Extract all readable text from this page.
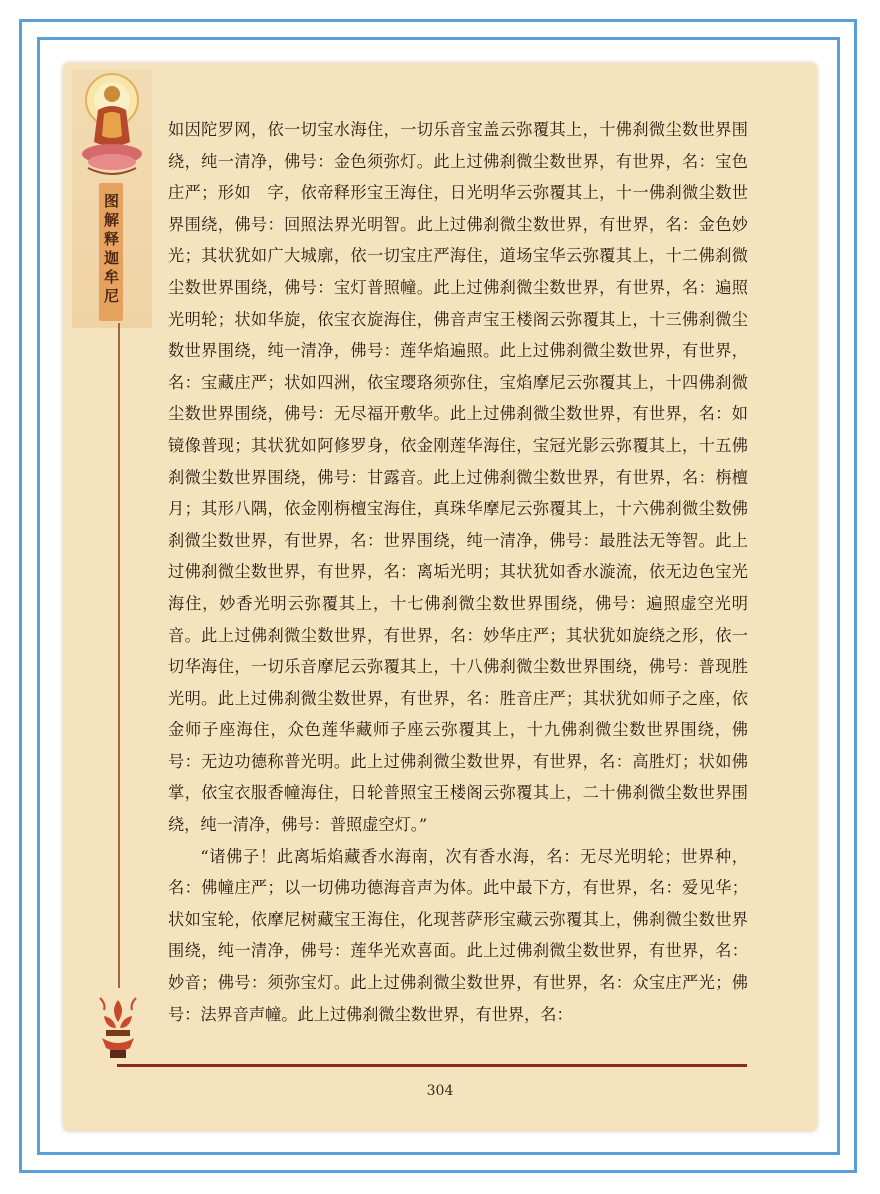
图解释迦牟尼

如因陀罗网，依一切宝水海住，一切乐音宝盖云弥覆其上，十佛刹微尘数世界围绕，纯一清净，佛号：金色须弥灯。此上过佛刹微尘数世界，有世界，名：宝色庄严；形如　字，依帝释形宝王海住，日光明华云弥覆其上，十一佛刹微尘数世界围绕，佛号：回照法界光明智。此上过佛刹微尘数世界，有世界，名：金色妙光；其状犹如广大城廓，依一切宝庄严海住，道场宝华云弥覆其上，十二佛刹微尘数世界围绕，佛号：宝灯普照幢。此上过佛刹微尘数世界，有世界，名：遍照光明轮；状如华旋，依宝衣旋海住，佛音声宝王楼阁云弥覆其上，十三佛刹微尘数世界围绕，纯一清净，佛号：莲华焰遍照。此上过佛刹微尘数世界，有世界，名：宝藏庄严；状如四洲，依宝璎珞须弥住，宝焰摩尼云弥覆其上，十四佛刹微尘数世界围绕，佛号：无尽福开敷华。此上过佛刹微尘数世界，有世界，名：如镜像普现；其状犹如阿修罗身，依金刚莲华海住，宝冠光影云弥覆其上，十五佛刹微尘数世界围绕，佛号：甘露音。此上过佛刹微尘数世界，有世界，名：栴檀月；其形八隅，依金刚栴檀宝海住，真珠华摩尼云弥覆其上，十六佛刹微尘数佛刹微尘数世界，有世界，名：世界围绕，纯一清净，佛号：最胜法无等智。此上过佛刹微尘数世界，有世界，名：离垢光明；其状犹如香水漩流，依无边色宝光海住，妙香光明云弥覆其上，十七佛刹微尘数世界围绕，佛号：遍照虚空光明音。此上过佛刹微尘数世界，有世界，名：妙华庄严；其状犹如旋绕之形，依一切华海住，一切乐音摩尼云弥覆其上，十八佛刹微尘数世界围绕，佛号：普现胜光明。此上过佛刹微尘数世界，有世界，名：胜音庄严；其状犹如师子之座，依金师子座海住，众色莲华藏师子座云弥覆其上，十九佛刹微尘数世界围绕，佛号：无边功德称普光明。此上过佛刹微尘数世界，有世界，名：高胜灯；状如佛掌，依宝衣服香幢海住，日轮普照宝王楼阁云弥覆其上，二十佛刹微尘数世界围绕，纯一清净，佛号：普照虚空灯。”

“诸佛子！此离垢焰藏香水海南，次有香水海，名：无尽光明轮；世界种，名：佛幢庄严；以一切佛功德海音声为体。此中最下方，有世界，名：爱见华；状如宝轮，依摩尼树藏宝王海住，化现菩萨形宝藏云弥覆其上，佛刹微尘数世界围绕，纯一清净，佛号：莲华光欢喜面。此上过佛刹微尘数世界，有世界，名：妙音；佛号：须弥宝灯。此上过佛刹微尘数世界，有世界，名：众宝庄严光；佛号：法界音声幢。此上过佛刹微尘数世界，有世界，名：

304
